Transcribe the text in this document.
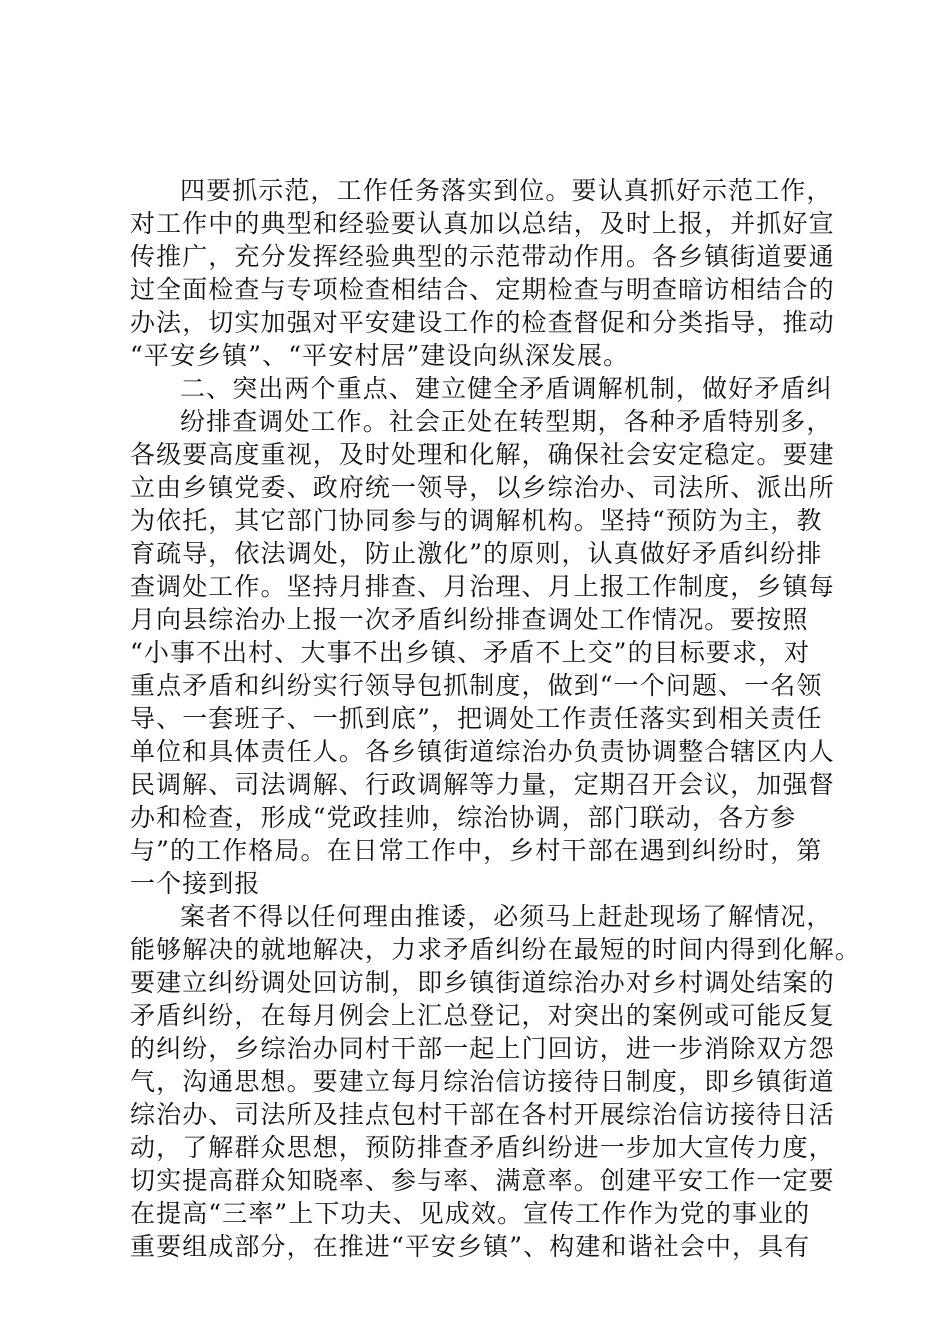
四要抓示范，工作任务落实到位。要认真抓好示范工作，
对工作中的典型和经验要认真加以总结，及时上报，并抓好宣
传推广，充分发挥经验典型的示范带动作用。各乡镇街道要通
过全面检查与专项检查相结合、定期检查与明查暗访相结合的
办法，切实加强对平安建设工作的检查督促和分类指导，推动
“平安乡镇”、“平安村居”建设向纵深发展。
二、突出两个重点、建立健全矛盾调解机制，做好矛盾纠
纷排查调处工作。社会正处在转型期，各种矛盾特别多，
各级要高度重视，及时处理和化解，确保社会安定稳定。要建
立由乡镇党委、政府统一领导，以乡综治办、司法所、派出所
为依托，其它部门协同参与的调解机构。坚持“预防为主，教
育疏导，依法调处，防止激化”的原则，认真做好矛盾纠纷排
查调处工作。坚持月排查、月治理、月上报工作制度，乡镇每
月向县综治办上报一次矛盾纠纷排查调处工作情况。要按照
“小事不出村、大事不出乡镇、矛盾不上交”的目标要求，对
重点矛盾和纠纷实行领导包抓制度，做到“一个问题、一名领
导、一套班子、一抓到底”，把调处工作责任落实到相关责任
单位和具体责任人。各乡镇街道综治办负责协调整合辖区内人
民调解、司法调解、行政调解等力量，定期召开会议，加强督
办和检查，形成“党政挂帅，综治协调，部门联动，各方参
与”的工作格局。在日常工作中，乡村干部在遇到纠纷时，第
一个接到报
案者不得以任何理由推诿，必须马上赶赴现场了解情况，
能够解决的就地解决，力求矛盾纠纷在最短的时间内得到化解。
要建立纠纷调处回访制，即乡镇街道综治办对乡村调处结案的
矛盾纠纷，在每月例会上汇总登记，对突出的案例或可能反复
的纠纷，乡综治办同村干部一起上门回访，进一步消除双方怨
气，沟通思想。要建立每月综治信访接待日制度，即乡镇街道
综治办、司法所及挂点包村干部在各村开展综治信访接待日活
动，了解群众思想，预防排查矛盾纠纷进一步加大宣传力度，
切实提高群众知晓率、参与率、满意率。创建平安工作一定要
在提高“三率”上下功夫、见成效。宣传工作作为党的事业的
重要组成部分，在推进“平安乡镇”、构建和谐社会中，具有
